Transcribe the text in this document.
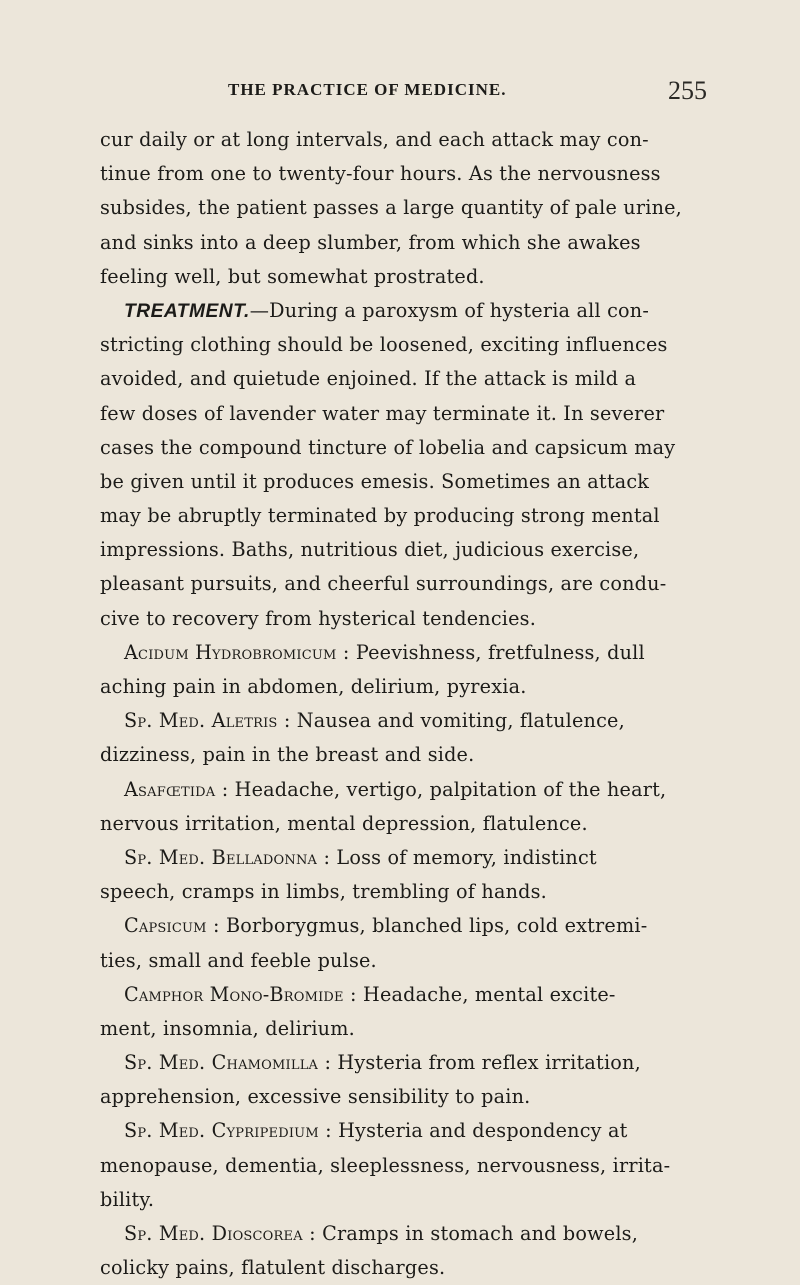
THE PRACTICE OF MEDICINE.	255
cur daily or at long intervals, and each attack may con-
tinue from one to twenty-four hours. As the nervousness
subsides, the patient passes a large quantity of pale urine,
and sinks into a deep slumber, from which she awakes
feeling well, but somewhat prostrated.
TREATMENT.—During a paroxysm of hysteria all con-
stricting clothing should be loosened, exciting influences
avoided, and quietude enjoined. If the attack is mild a
few doses of lavender water may terminate it. In severer
cases the compound tincture of lobelia and capsicum may
be given until it produces emesis. Sometimes an attack
may be abruptly terminated by producing strong mental
impressions. Baths, nutritious diet, judicious exercise,
pleasant pursuits, and cheerful surroundings, are condu-
cive to recovery from hysterical tendencies.
Acidum Hydrobromicum : Peevishness, fretfulness, dull
aching pain in abdomen, delirium, pyrexia.
Sp. Med. Aletris : Nausea and vomiting, flatulence,
dizziness, pain in the breast and side.
Asafœtida : Headache, vertigo, palpitation of the heart,
nervous irritation, mental depression, flatulence.
Sp. Med. Belladonna : Loss of memory, indistinct
speech, cramps in limbs, trembling of hands.
Capsicum : Borborygmus, blanched lips, cold extremi-
ties, small and feeble pulse.
Camphor Mono-Bromide : Headache, mental excite-
ment, insomnia, delirium.
Sp. Med. Chamomilla : Hysteria from reflex irritation,
apprehension, excessive sensibility to pain.
Sp. Med. Cypripedium : Hysteria and despondency at
menopause, dementia, sleeplessness, nervousness, irrita-
bility.
Sp. Med. Dioscorea : Cramps in stomach and bowels,
colicky pains, flatulent discharges.
